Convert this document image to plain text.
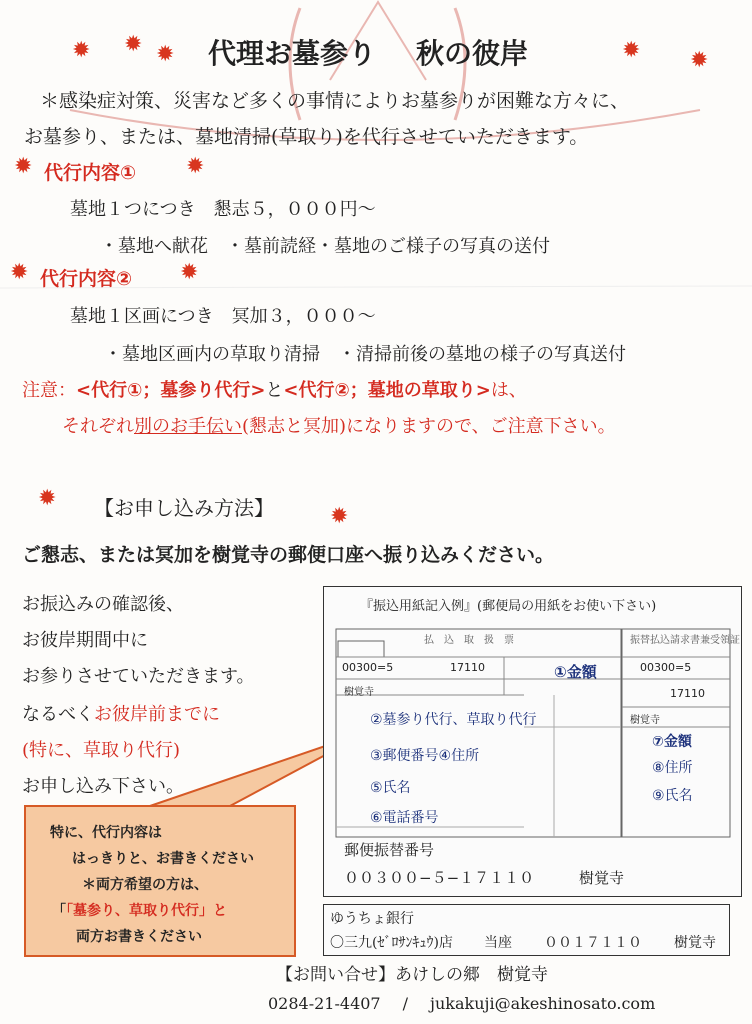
✹ ✹ ✹	✹ ✹
✹	✹
✹	✹
✹
✹
代理お墓参り 秋の彼岸
＊感染症対策、災害など多くの事情によりお墓参りが困難な方々に、
お墓参り、または、墓地清掃(草取り)を代行させていただきます。
代行内容①
墓地１つにつき　懇志５，０００円〜
・墓地へ献花　・墓前読経・墓地のご様子の写真の送付
代行内容②
墓地１区画につき　冥加３，０００〜
・墓地区画内の草取り清掃　・清掃前後の墓地の様子の写真送付
注意：<代行①；墓参り代行>と<代行②；墓地の草取り>は、
それぞれ別のお手伝い(懇志と冥加)になりますので、ご注意下さい。
【お申し込み方法】
ご懇志、または冥加を樹覚寺の郵便口座へ振り込みください。
お振込みの確認後、
お彼岸期間中に
お参りさせていただきます。
なるべくお彼岸前までに
(特に、草取り代行)
お申し込み下さい。
特に、代行内容は
はっきりと、お書きください
＊両方希望の方は、
「「墓参り、草取り代行」と
両方お書きください
『振込用紙記入例』(郵便局の用紙をお使い下さい)
払　込　取　扱　票	振替払込請求書兼受領証
00300=5	17110	00300=5
17110
樹覚寺
樹覚寺
①金額
②墓参り代行、草取り代行
③郵便番号④住所
⑤氏名
⑥電話番号
⑦金額
⑧住所
⑨氏名
郵便振替番号
００３００−５−１７１１０	樹覚寺
ゆうちょ銀行
〇三九(ｾﾞﾛｻﾝｷｭｳ)店 当座 ００１７１１０ 樹覚寺
【お問い合せ】あけしの郷　樹覚寺
0284-21-4407 / jukakuji@akeshinosato.com
